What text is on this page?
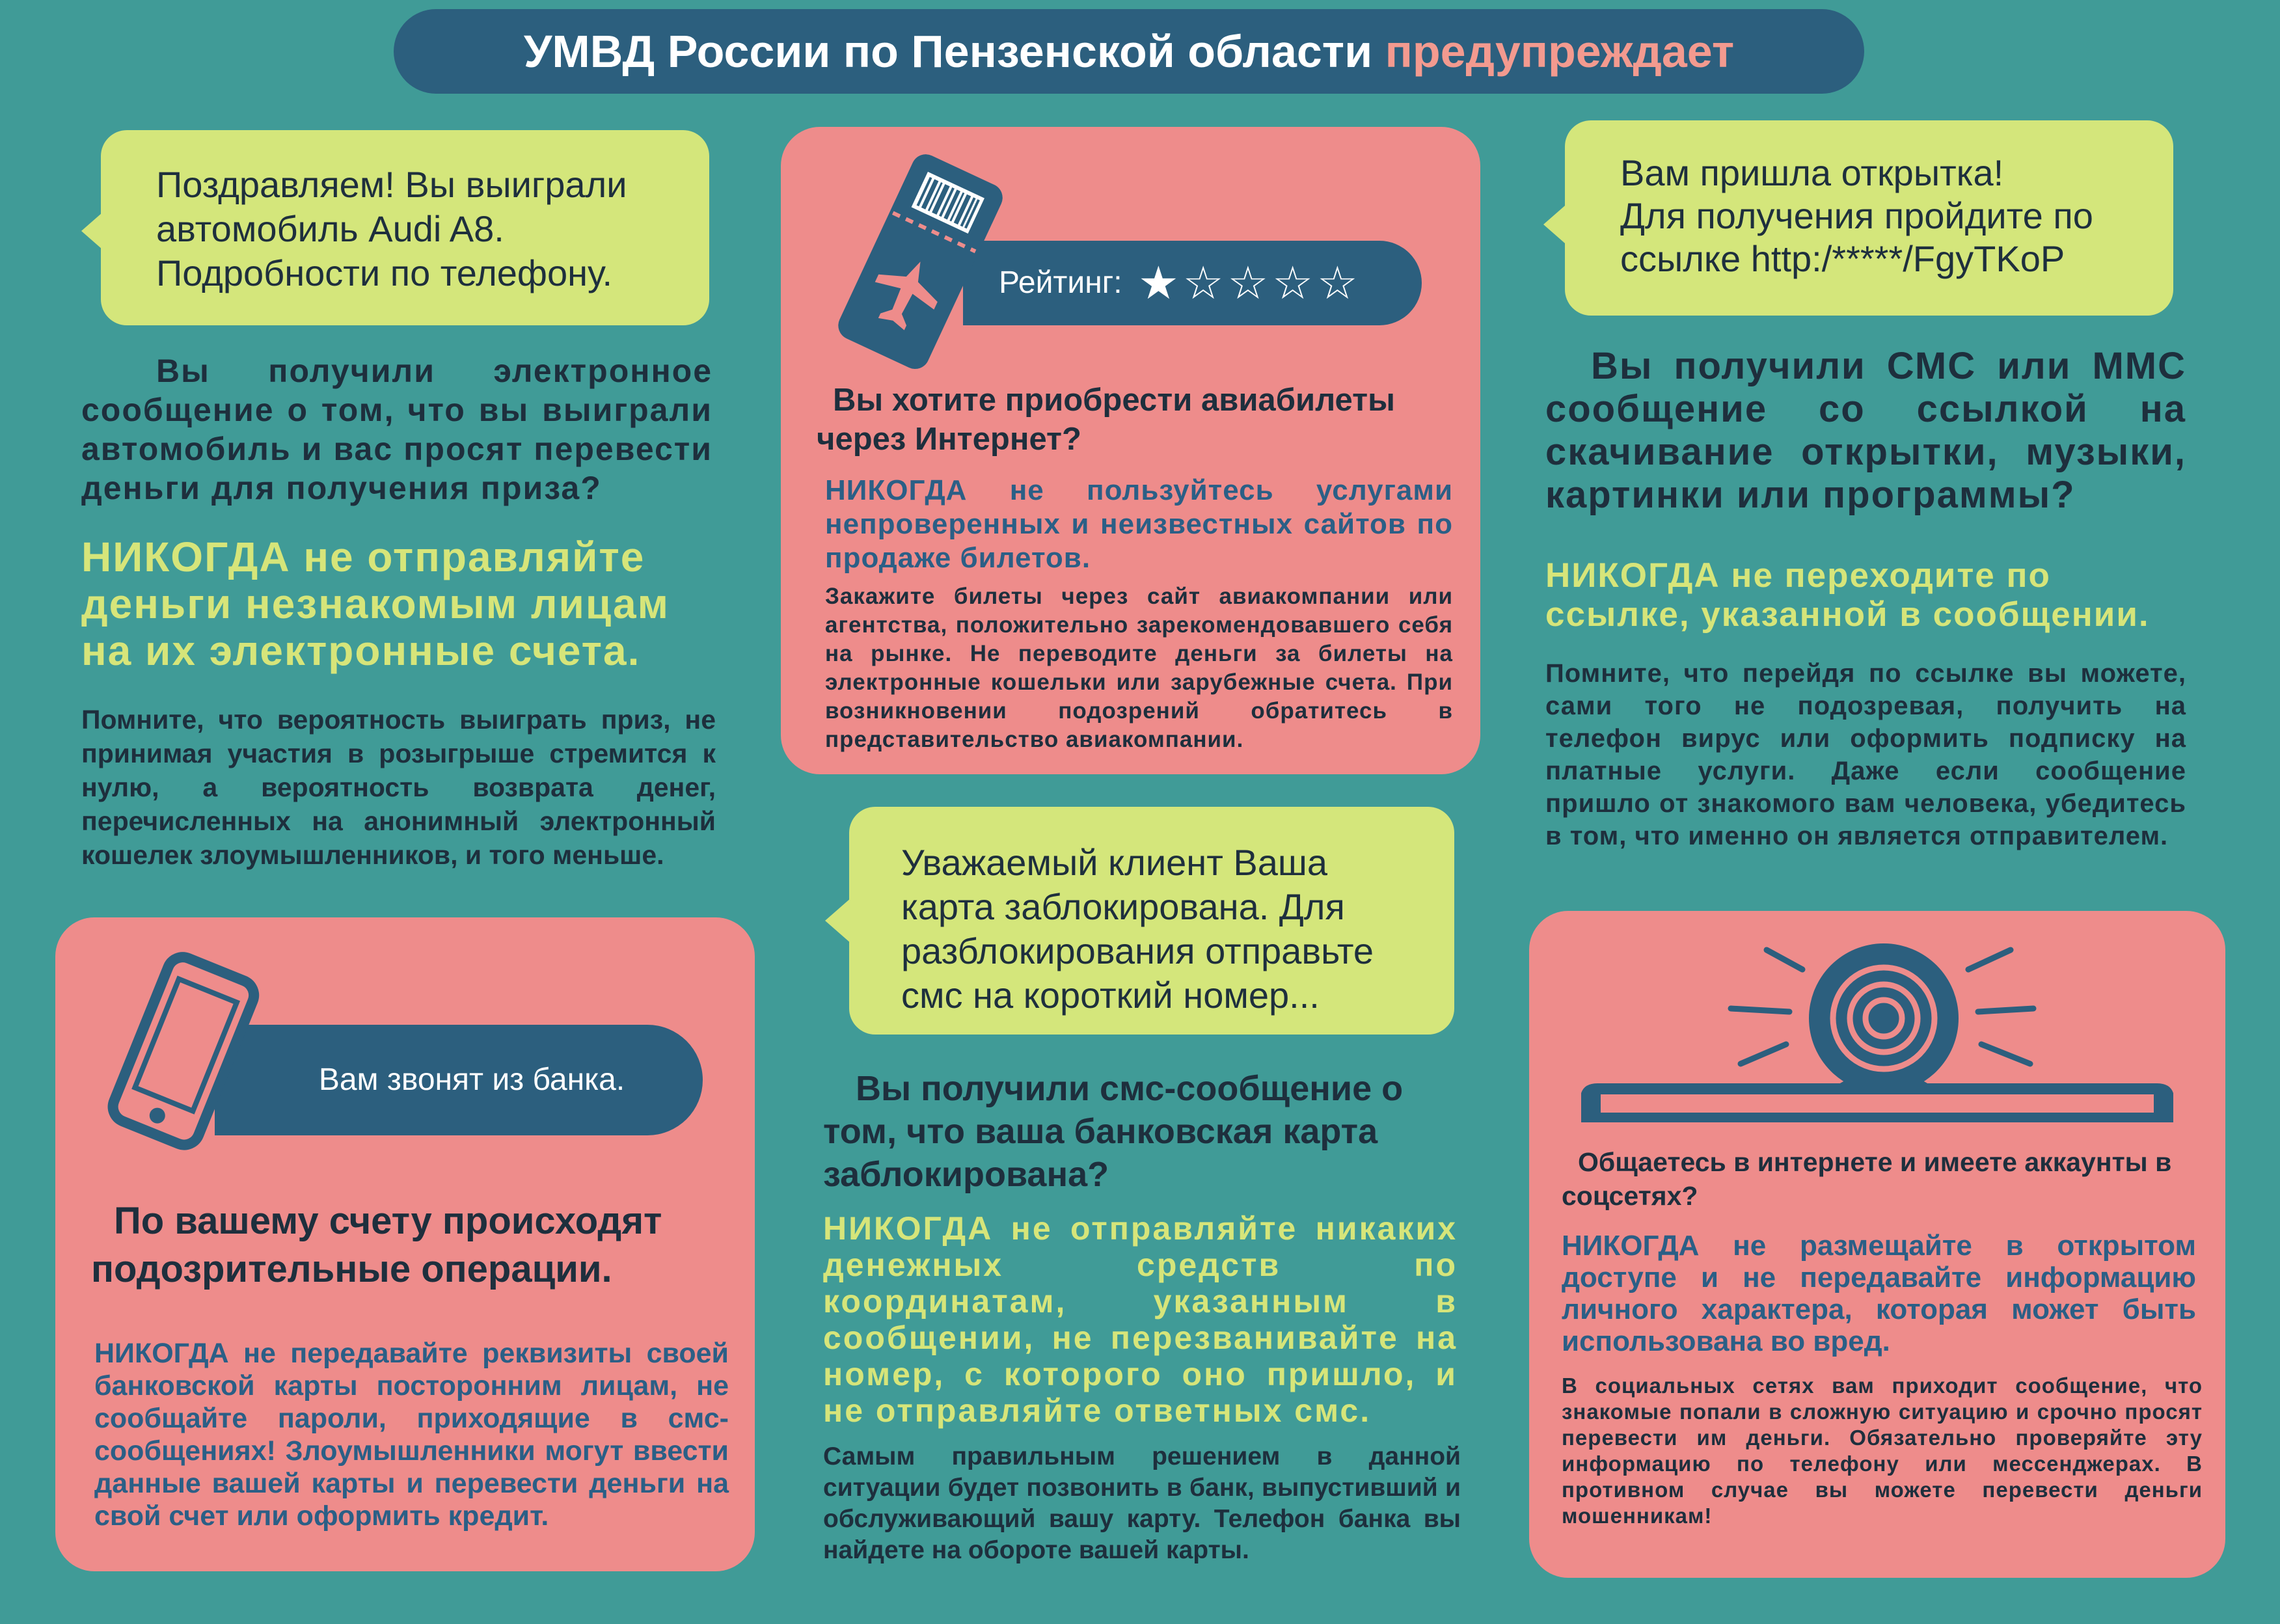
УМВД России по Пензенской области предупреждает
Поздравляем! Вы выиграли
автомобиль Audi A8.
Подробности по телефону.
Вы получили электронное сообщение о том, что вы выиграли автомобиль и вас просят перевести деньги для получения приза?
НИКОГДА не отправляйте деньги незнакомым лицам на их электронные счета.
Помните, что вероятность выиграть приз, не принимая участия в розыгрыше стремится к нулю, а вероятность возврата денег, перечисленных на анонимный электронный кошелек злоумышленников, и того меньше.
Вам звонят из банка.
По вашему счету происходят подозрительные операции.
НИКОГДА не передавайте реквизиты своей банковской карты посторонним лицам, не сообщайте пароли, приходящие в смс-сообщениях! Злоумышленники могут ввести данные вашей карты и перевести деньги на свой счет или оформить кредит.
Рейтинг: ★☆☆☆☆
Вы хотите приобрести авиабилеты через Интернет?
НИКОГДА не пользуйтесь услугами непроверенных и неизвестных сайтов по продаже билетов.
Закажите билеты через сайт авиакомпании или агентства, положительно зарекомендовавшего себя на рынке. Не переводите деньги за билеты на электронные кошельки или зарубежные счета. При возникновении подозрений обратитесь в представительство авиакомпании.
Уважаемый клиент Ваша
карта заблокирована. Для
разблокирования отправьте
смс на короткий номер...
Вы получили смс-сообщение о том, что ваша банковская карта заблокирована?
НИКОГДА не отправляйте никаких денежных средств по координатам, указанным в сообщении, не перезванивайте на номер, с которого оно пришло, и не отправляйте ответных смс.
Самым правильным решением в данной ситуации будет позвонить в банк, выпустивший и обслуживающий вашу карту. Телефон банка вы найдете на обороте вашей карты.
Вам пришла открытка!
Для получения пройдите по
ссылке http:/*****/FgyTKoP
Вы получили СМС или ММС сообщение со ссылкой на скачивание открытки, музыки, картинки или программы?
НИКОГДА не переходите по ссылке, указанной в сообщении.
Помните, что перейдя по ссылке вы можете, сами того не подозревая, получить на телефон вирус или оформить подписку на платные услуги. Даже если сообщение пришло от знакомого вам человека, убедитесь в том, что именно он является отправителем.
Общаетесь в интернете и имеете аккаунты в соцсетях?
НИКОГДА не размещайте в открытом доступе и не передавайте информацию личного характера, которая может быть использована во вред.
В социальных сетях вам приходит сообщение, что знакомые попали в сложную ситуацию и срочно просят перевести им деньги. Обязательно проверяйте эту информацию по телефону или мессенджерах. В противном случае вы можете перевести деньги мошенникам!
